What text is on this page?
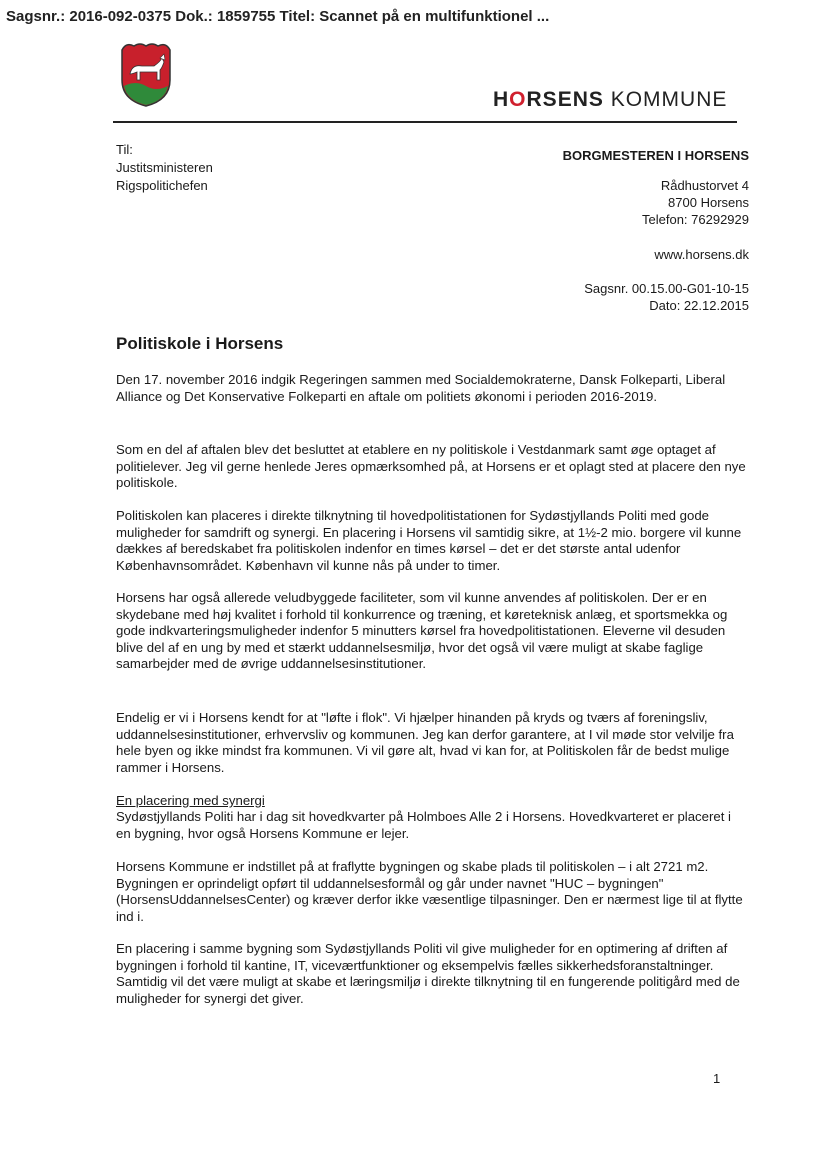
Sagsnr.: 2016-092-0375 Dok.: 1859755 Titel: Scannet på en multifunktionel ...
HORSENS KOMMUNE
Til:
Justitsministeren
Rigspolitichefen
BORGMESTEREN I HORSENS
Rådhustorvet 4
8700 Horsens
Telefon: 76292929
www.horsens.dk
Sagsnr. 00.15.00-G01-10-15
Dato: 22.12.2015
Politiskole i Horsens

Den 17. november 2016 indgik Regeringen sammen med Socialdemokraterne, Dansk Folkeparti, Liberal Alliance og Det Konservative Folkeparti en aftale om politiets økonomi i perioden 2016-2019.

Som en del af aftalen blev det besluttet at etablere en ny politiskole i Vestdanmark samt øge optaget af politielever. Jeg vil gerne henlede Jeres opmærksomhed på, at Horsens er et oplagt sted at placere den nye politiskole.

Politiskolen kan placeres i direkte tilknytning til hovedpolitistationen for Sydøstjyllands Politi med gode muligheder for samdrift og synergi. En placering i Horsens vil samtidig sikre, at 1½-2 mio. borgere vil kunne dækkes af beredskabet fra politiskolen indenfor en times kørsel – det er det største antal udenfor Københavnsområdet. København vil kunne nås på under to timer.

Horsens har også allerede veludbyggede faciliteter, som vil kunne anvendes af politiskolen. Der er en skydebane med høj kvalitet i forhold til konkurrence og træning, et køreteknisk anlæg, et sportsmekka og gode indkvarteringsmuligheder indenfor 5 minutters kørsel fra hovedpolitistationen. Eleverne vil desuden blive del af en ung by med et stærkt uddannelsesmiljø, hvor det også vil være muligt at skabe faglige samarbejder med de øvrige uddannelsesinstitutioner.

Endelig er vi i Horsens kendt for at "løfte i flok". Vi hjælper hinanden på kryds og tværs af foreningsliv, uddannelsesinstitutioner, erhvervsliv og kommunen. Jeg kan derfor garantere, at I vil møde stor velvilje fra hele byen og ikke mindst fra kommunen. Vi vil gøre alt, hvad vi kan for, at Politiskolen får de bedst mulige rammer i Horsens.

En placering med synergi

Sydøstjyllands Politi har i dag sit hovedkvarter på Holmboes Alle 2 i Horsens. Hovedkvarteret er placeret i en bygning, hvor også Horsens Kommune er lejer.

Horsens Kommune er indstillet på at fraflytte bygningen og skabe plads til politiskolen – i alt 2721 m2. Bygningen er oprindeligt opført til uddannelsesformål og går under navnet "HUC – bygningen" (HorsensUddannelsesCenter) og kræver derfor ikke væsentlige tilpasninger. Den er nærmest lige til at flytte ind i.

En placering i samme bygning som Sydøstjyllands Politi vil give muligheder for en optimering af driften af bygningen i forhold til kantine, IT, viceværtfunktioner og eksempelvis fælles sikkerhedsforanstaltninger. Samtidig vil det være muligt at skabe et læringsmiljø i direkte tilknytning til en fungerende politigård med de muligheder for synergi det giver.

1
